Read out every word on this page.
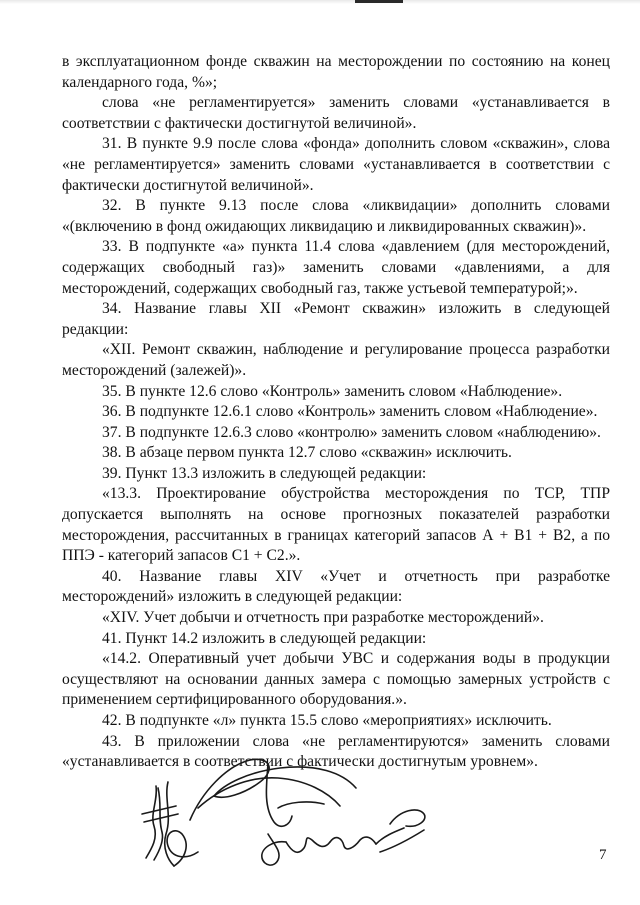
в эксплуатационном фонде скважин на месторождении по состоянию на конец календарного года, %»;

слова «не регламентируется» заменить словами «устанавливается в соответствии с фактически достигнутой величиной».

31. В пункте 9.9 после слова «фонда» дополнить словом «скважин», слова «не регламентируется» заменить словами «устанавливается в соответствии с фактически достигнутой величиной».

32. В пункте 9.13 после слова «ликвидации» дополнить словами «(включению в фонд ожидающих ликвидацию и ликвидированных скважин)».

33. В подпункте «а» пункта 11.4 слова «давлением (для месторождений, содержащих свободный газ)» заменить словами «давлениями, а для месторождений, содержащих свободный газ, также устьевой температурой;».

34. Название главы XII «Ремонт скважин» изложить в следующей редакции:

«XII. Ремонт скважин, наблюдение и регулирование процесса разработки месторождений (залежей)».

35. В пункте 12.6 слово «Контроль» заменить словом «Наблюдение».

36. В подпункте 12.6.1 слово «Контроль» заменить словом «Наблюдение».

37. В подпункте 12.6.3 слово «контролю» заменить словом «наблюдению».

38. В абзаце первом пункта 12.7 слово «скважин» исключить.

39. Пункт 13.3 изложить в следующей редакции:

«13.3. Проектирование обустройства месторождения по ТСР, ТПР допускается выполнять на основе прогнозных показателей разработки месторождения, рассчитанных в границах категорий запасов А + В1 + В2, а по ППЭ - категорий запасов С1 + С2.».

40. Название главы XIV «Учет и отчетность при разработке месторождений» изложить в следующей редакции:

«XIV. Учет добычи и отчетность при разработке месторождений».

41. Пункт 14.2 изложить в следующей редакции:

«14.2. Оперативный учет добычи УВС и содержания воды в продукции осуществляют на основании данных замера с помощью замерных устройств с применением сертифицированного оборудования.».

42. В подпункте «л» пункта 15.5 слово «мероприятиях» исключить.

43. В приложении слова «не регламентируются» заменить словами «устанавливается в соответствии с фактически достигнутым уровнем».

7
